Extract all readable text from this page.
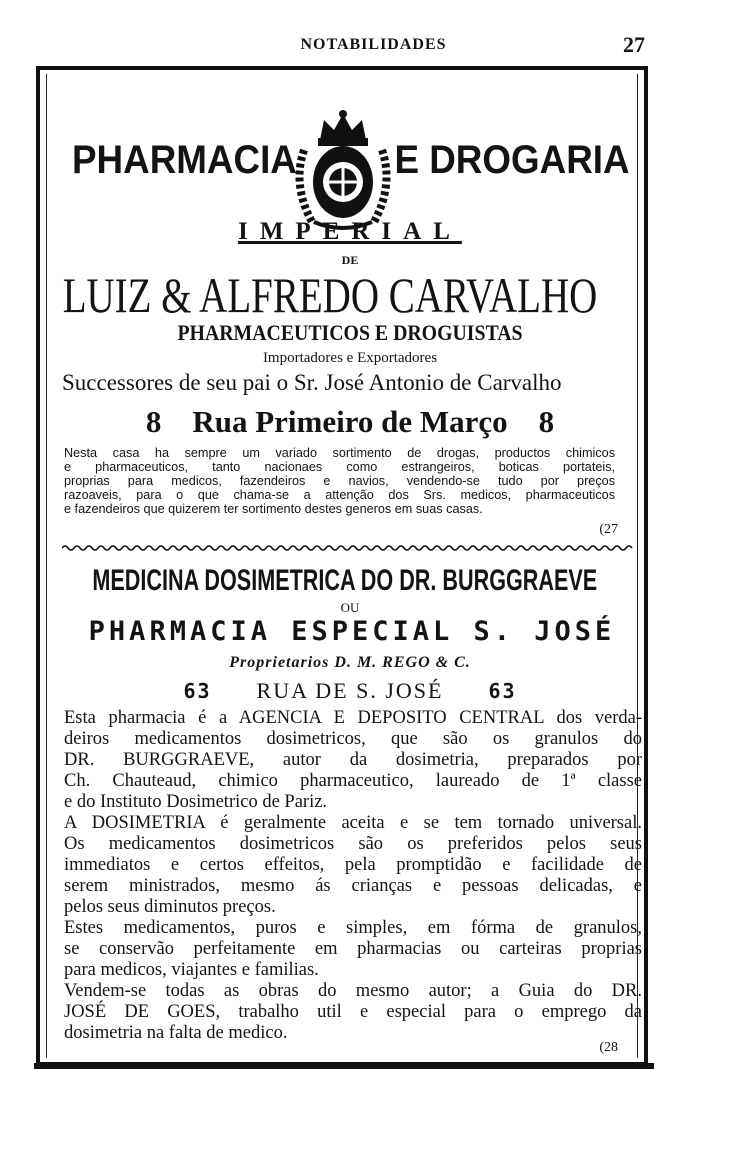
NOTABILIDADES	27
PHARMACIA E DROGARIA
IMPERIAL
DE
LUIZ & ALFREDO CARVALHO
PHARMACEUTICOS E DROGUISTAS
Importadores e Exportadores
Successores de seu pai o Sr. José Antonio de Carvalho
8 Rua Primeiro de Março 8
Nesta casa ha sempre um variado sortimento de drogas, productos chimicos
e pharmaceuticos, tanto nacionaes como estrangeiros, boticas portateis,
proprias para medicos, fazendeiros e navios, vendendo-se tudo por preços
razoaveis, para o que chama-se a attenção dos Srs. medicos, pharmaceuticos
e fazendeiros que quizerem ter sortimento destes generos em suas casas.
(27
MEDICINA DOSIMETRICA DO DR. BURGGRAEVE
OU
PHARMACIA ESPECIAL S. JOSÉ
Proprietarios D. M. REGO & C.
63 RUA DE S. JOSÉ 63
Esta pharmacia é a AGENCIA E DEPOSITO CENTRAL dos verda-
deiros medicamentos dosimetricos, que são os granulos do
DR. BURGGRAEVE, autor da dosimetria, preparados por
Ch. Chauteaud, chimico pharmaceutico, laureado de 1ª classe
e do Instituto Dosimetrico de Pariz.
A DOSIMETRIA é geralmente aceita e se tem tornado universal.
Os medicamentos dosimetricos são os preferidos pelos seus
immediatos e certos effeitos, pela promptidão e facilidade de
serem ministrados, mesmo ás crianças e pessoas delicadas, e
pelos seus diminutos preços.
Estes medicamentos, puros e simples, em fórma de granulos,
se conservão perfeitamente em pharmacias ou carteiras proprias
para medicos, viajantes e familias.
Vendem-se todas as obras do mesmo autor; a Guia do DR.
JOSÉ DE GOES, trabalho util e especial para o emprego da
dosimetria na falta de medico.
(28
